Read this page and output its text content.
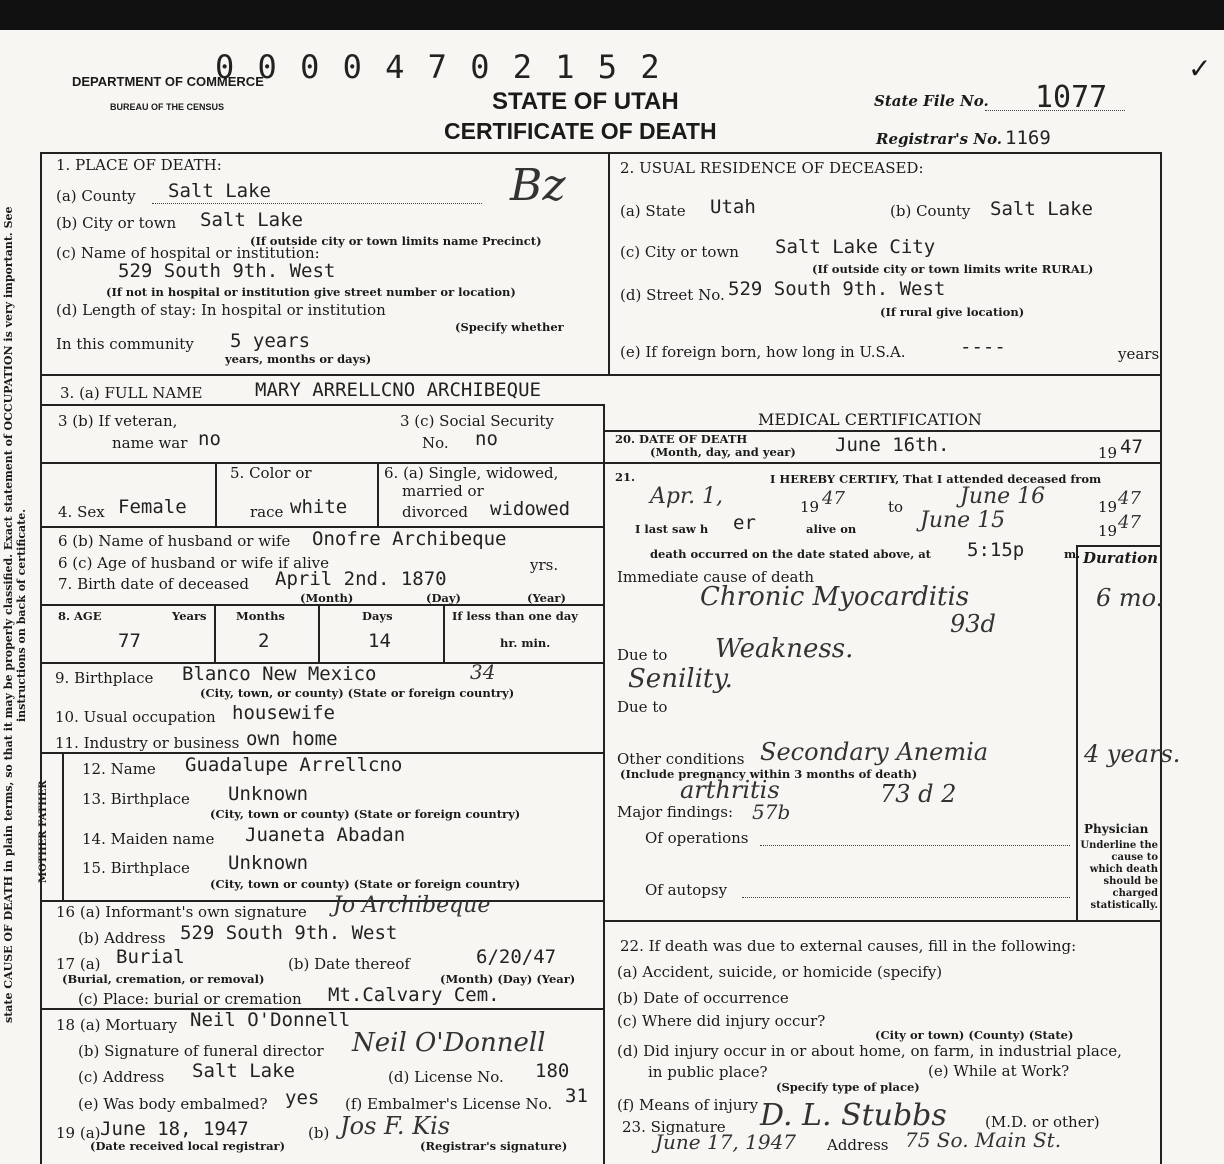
state CAUSE OF DEATH in plain terms, so that it may be properly classified. Exact statement of OCCUPATION is very important. See instructions on back of certificate.
0 0 0 0 4 7 0 2 1 5 2
DEPARTMENT OF COMMERCE
BUREAU OF THE CENSUS	STATE OF UTAH
CERTIFICATE OF DEATH
State File No. 1077
Registrar's No. 1169
✓
1. PLACE OF DEATH:
(a) County Salt Lake	Bz
(b) City or town Salt Lake
(If outside city or town limits name Precinct)
(c) Name of hospital or institution:
529 South 9th. West
(If not in hospital or institution give street number or location)
(d) Length of stay: In hospital or institution
(Specify whether
In this community 5 years
years, months or days)
2. USUAL RESIDENCE OF DECEASED:
(a) State Utah	(b) County Salt Lake
(c) City or town Salt Lake City
(If outside city or town limits write RURAL)
(d) Street No. 529 South 9th. West
(If rural give location)
(e) If foreign born, how long in U.S.A.	----	years
3. (a) FULL NAME	MARY ARRELLCNO ARCHIBEQUE
3 (b) If veteran,
name war no
3 (c) Social Security
No. no
5. Color or	6. (a) Single, widowed,
married or
4. Sex Female	race white	divorced widowed
6 (b) Name of husband or wife Onofre Archibeque
6 (c) Age of husband or wife if alive	yrs.
7. Birth date of deceased April 2nd. 1870
(Month)	(Day)	(Year)
8. AGE	Years	Months	Days	If less than one day
77	2	14	hr. min.
9. Birthplace Blanco New Mexico	34
(City, town, or county) (State or foreign country)
10. Usual occupation housewife
11. Industry or business own home
MOTHER FATHER
12. Name Guadalupe Arrellcno
13. Birthplace Unknown
(City, town or county) (State or foreign country)
14. Maiden name Juaneta Abadan
15. Birthplace Unknown
(City, town or county) (State or foreign country)
16 (a) Informant's own signature Jo Archibeque
(b) Address 529 South 9th. West
17 (a) Burial
(Burial, cremation, or removal)
(b) Date thereof	6/20/47
(Month) (Day) (Year)
(c) Place: burial or cremation Mt.Calvary Cem.
18 (a) Mortuary Neil O'Donnell
(b) Signature of funeral director Neil O'Donnell
(c) Address Salt Lake	(d) License No. 180
(e) Was body embalmed? yes (f) Embalmer's License No. 31
19 (a) June 18, 1947
(Date received local registrar)
(b) Jos F. Kis
(Registrar's signature)
MEDICAL CERTIFICATION
20. DATE OF DEATH
(Month, day, and year) June 16th.	19 47
21.	I HEREBY CERTIFY, That I attended deceased from
Apr. 1,	19 47	to	June 16	19 47
I last saw h er	alive on	June 15	19 47
death occurred on the date stated above, at 5:15p	m. Duration
Immediate cause of death
Chronic Myocarditis	6 mo.
93d
Due to Weakness.
Senility.
Due to
Other conditions Secondary Anemia	4 years.
(Include pregnancy within 3 months of death)
arthritis	73 d 2
Major findings: 57b
Of operations
Of autopsy
Physician
Underline the cause to which death should be charged statistically.
22. If death was due to external causes, fill in the following:
(a) Accident, suicide, or homicide (specify)
(b) Date of occurrence
(c) Where did injury occur?
(City or town) (County) (State)
(d) Did injury occur in or about home, on farm, in industrial place,
in public place?
(Specify type of place)
(e) While at Work?
(f) Means of injury
23. Signature D. L. Stubbs	(M.D. or other)
June 17, 1947 Address 75 So. Main St.
